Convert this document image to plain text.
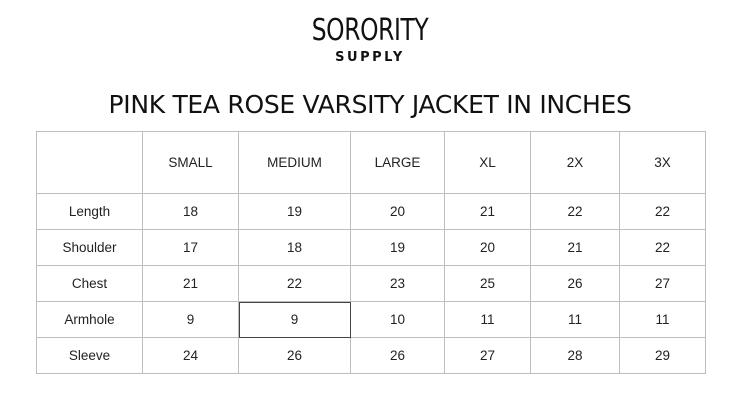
SORORITY
SUPPLY
PINK TEA ROSE VARSITY JACKET IN INCHES
	SMALL	MEDIUM	LARGE	XL	2X	3X
Length	18	19	20	21	22	22
Shoulder	17	18	19	20	21	22
Chest	21	22	23	25	26	27
Armhole	9	9	10	11	11	11
Sleeve	24	26	26	27	28	29
